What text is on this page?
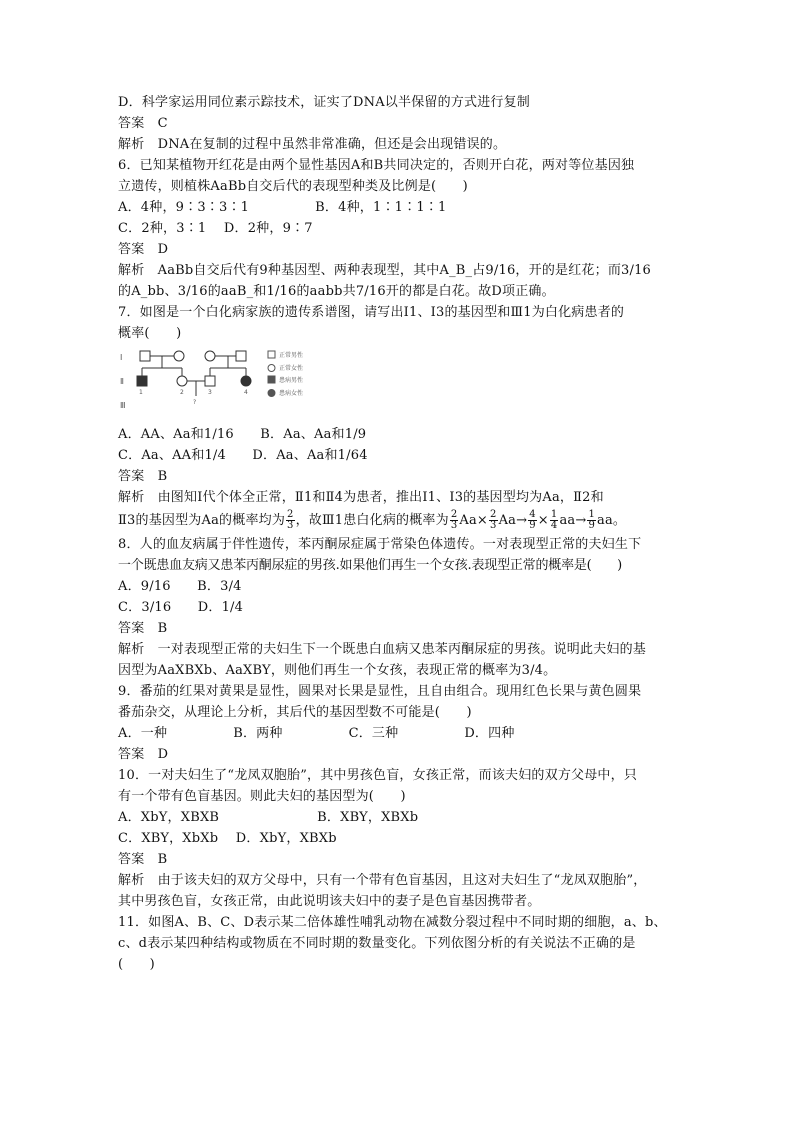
D．科学家运用同位素示踪技术，证实了DNA以半保留的方式进行复制
答案　C
解析　DNA在复制的过程中虽然非常准确，但还是会出现错误的。
6．已知某植物开红花是由两个显性基因A和B共同决定的，否则开白花，两对等位基因独
立遗传，则植株AaBb自交后代的表现型种类及比例是(　　)
A．4种，9∶3∶3∶1	B．4种，1∶1∶1∶1
C．2种，3∶1　 D．2种，9∶7
答案　D
解析　AaBb自交后代有9种基因型、两种表现型，其中A_B_占9/16，开的是红花；而3/16
的A_bb、3/16的aaB_和1/16的aabb共7/16开的都是白花。故D项正确。
7．如图是一个白化病家族的遗传系谱图，请写出Ⅰ1、Ⅰ3的基因型和Ⅲ1为白化病患者的
概率(　　)
Ⅰ
Ⅱ
Ⅲ
1	2	3	4
?
正常男性
正常女性
患病男性
患病女性
A．AA、Aa和1/16　　B．Aa、Aa和1/9
C．Aa、AA和1/4　　D．Aa、Aa和1/64
答案　B
解析　由图知Ⅰ代个体全正常，Ⅱ1和Ⅱ4为患者，推出Ⅰ1、Ⅰ3的基因型均为Aa，Ⅱ2和
Ⅱ3的基因型为Aa的概率均为 $\frac{2}{3}$ ，故Ⅲ1患白化病的概率为 $\frac{2}{3} Aa\times \frac{2}{3} Aa\to \frac{4}{9} \times \frac{1}{4} aa\to \frac{1}{9}$ aa。
8．人的血友病属于伴性遗传，苯丙酮尿症属于常染色体遗传。一对表现型正常的夫妇生下
一个既患血友病又患苯丙酮尿症的男孩.如果他们再生一个女孩.表现型正常的概率是(　　)
A．9/16　　B．3/4
C．3/16　　D．1/4
答案　B
解析　一对表现型正常的夫妇生下一个既患白血病又患苯丙酮尿症的男孩。说明此夫妇的基
因型为AaXBXb、AaXBY，则他们再生一个女孩，表现正常的概率为3/4。
9．番茄的红果对黄果是显性，圆果对长果是显性，且自由组合。现用红色长果与黄色圆果
番茄杂交，从理论上分析，其后代的基因型数不可能是(　　)
A．一种	B．两种	C．三种	D．四种
答案　D
10．一对夫妇生了“龙凤双胞胎”，其中男孩色盲，女孩正常，而该夫妇的双方父母中，只
有一个带有色盲基因。则此夫妇的基因型为(　　)
A．XbY，XBXB	B．XBY，XBXb
C．XBY，XbXb　 D．XbY，XBXb
答案　B
解析　由于该夫妇的双方父母中，只有一个带有色盲基因，且这对夫妇生了“龙凤双胞胎”，
其中男孩色盲，女孩正常，由此说明该夫妇中的妻子是色盲基因携带者。
11．如图A、B、C、D表示某二倍体雄性哺乳动物在减数分裂过程中不同时期的细胞，a、b、
c、d表示某四种结构或物质在不同时期的数量变化。下列依图分析的有关说法不正确的是
(　　)
